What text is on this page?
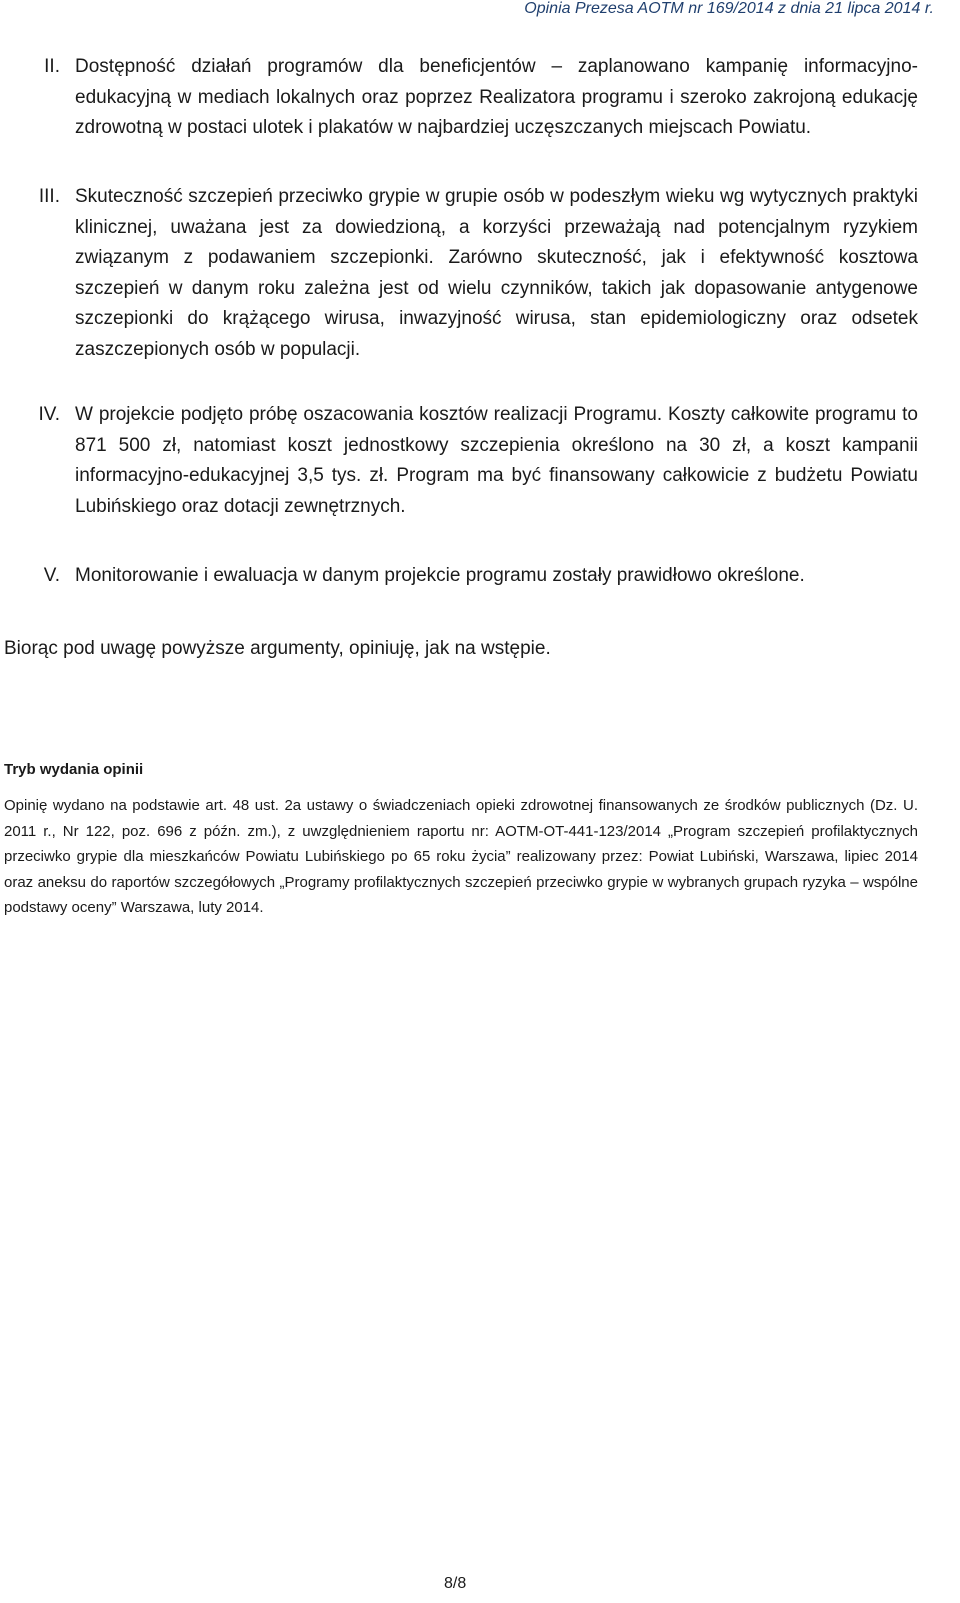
Opinia Prezesa AOTM nr 169/2014 z dnia 21 lipca 2014 r.
II. Dostępność działań programów dla beneficjentów – zaplanowano kampanię informacyjno-edukacyjną w mediach lokalnych oraz poprzez Realizatora programu i szeroko zakrojoną edukację zdrowotną w postaci ulotek i plakatów w najbardziej uczęszczanych miejscach Powiatu.
III. Skuteczność szczepień przeciwko grypie w grupie osób w podeszłym wieku wg wytycznych praktyki klinicznej, uważana jest za dowiedzioną, a korzyści przeważają nad potencjalnym ryzykiem związanym z podawaniem szczepionki. Zarówno skuteczność, jak i efektywność kosztowa szczepień w danym roku zależna jest od wielu czynników, takich jak dopasowanie antygenowe szczepionki do krążącego wirusa, inwazyjność wirusa, stan epidemiologiczny oraz odsetek zaszczepionych osób w populacji.
IV. W projekcie podjęto próbę oszacowania kosztów realizacji Programu. Koszty całkowite programu to 871 500 zł, natomiast koszt jednostkowy szczepienia określono na 30 zł, a koszt kampanii informacyjno-edukacyjnej 3,5 tys. zł. Program ma być finansowany całkowicie z budżetu Powiatu Lubińskiego oraz dotacji zewnętrznych.
V. Monitorowanie i ewaluacja w danym projekcie programu zostały prawidłowo określone.
Biorąc pod uwagę powyższe argumenty, opiniuję, jak na wstępie.
Tryb wydania opinii
Opinię wydano na podstawie art. 48 ust. 2a ustawy o świadczeniach opieki zdrowotnej finansowanych ze środków publicznych (Dz. U. 2011 r., Nr 122, poz. 696 z późn. zm.), z uwzględnieniem raportu nr: AOTM-OT-441-123/2014 „Program szczepień profilaktycznych przeciwko grypie dla mieszkańców Powiatu Lubińskiego po 65 roku życia” realizowany przez: Powiat Lubiński, Warszawa, lipiec 2014 oraz aneksu do raportów szczegółowych „Programy profilaktycznych szczepień przeciwko grypie w wybranych grupach ryzyka – wspólne podstawy oceny” Warszawa, luty 2014.
8/8
